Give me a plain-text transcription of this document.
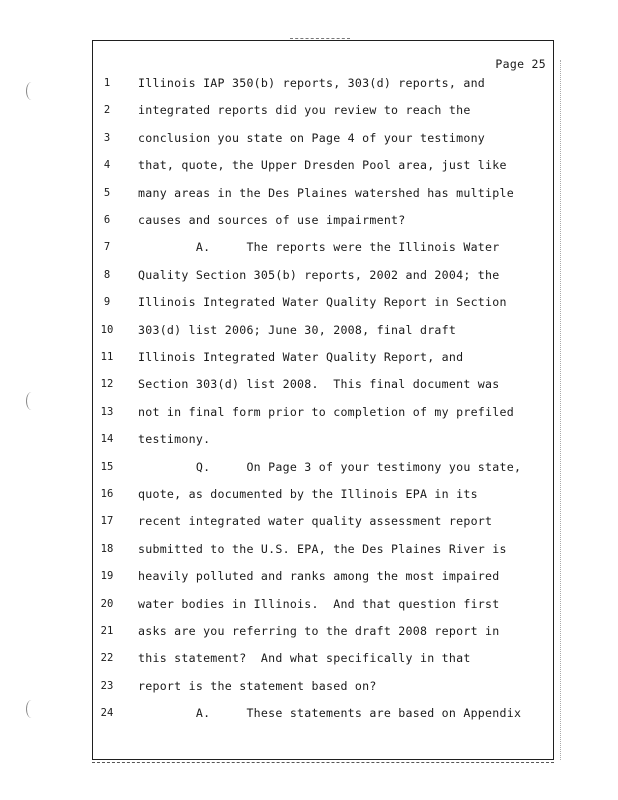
Page 25
1	Illinois IAP 350(b) reports, 303(d) reports, and
2	integrated reports did you review to reach the
3	conclusion you state on Page 4 of your testimony
4	that, quote, the Upper Dresden Pool area, just like
5	many areas in the Des Plaines watershed has multiple
6	causes and sources of use impairment?
7	A.     The reports were the Illinois Water
8	Quality Section 305(b) reports, 2002 and 2004; the
9	Illinois Integrated Water Quality Report in Section
10	303(d) list 2006; June 30, 2008, final draft
11	Illinois Integrated Water Quality Report, and
12	Section 303(d) list 2008.  This final document was
13	not in final form prior to completion of my prefiled
14	testimony.
15	Q.     On Page 3 of your testimony you state,
16	quote, as documented by the Illinois EPA in its
17	recent integrated water quality assessment report
18	submitted to the U.S. EPA, the Des Plaines River is
19	heavily polluted and ranks among the most impaired
20	water bodies in Illinois.  And that question first
21	asks are you referring to the draft 2008 report in
22	this statement?  And what specifically in that
23	report is the statement based on?
24	A.     These statements are based on Appendix
